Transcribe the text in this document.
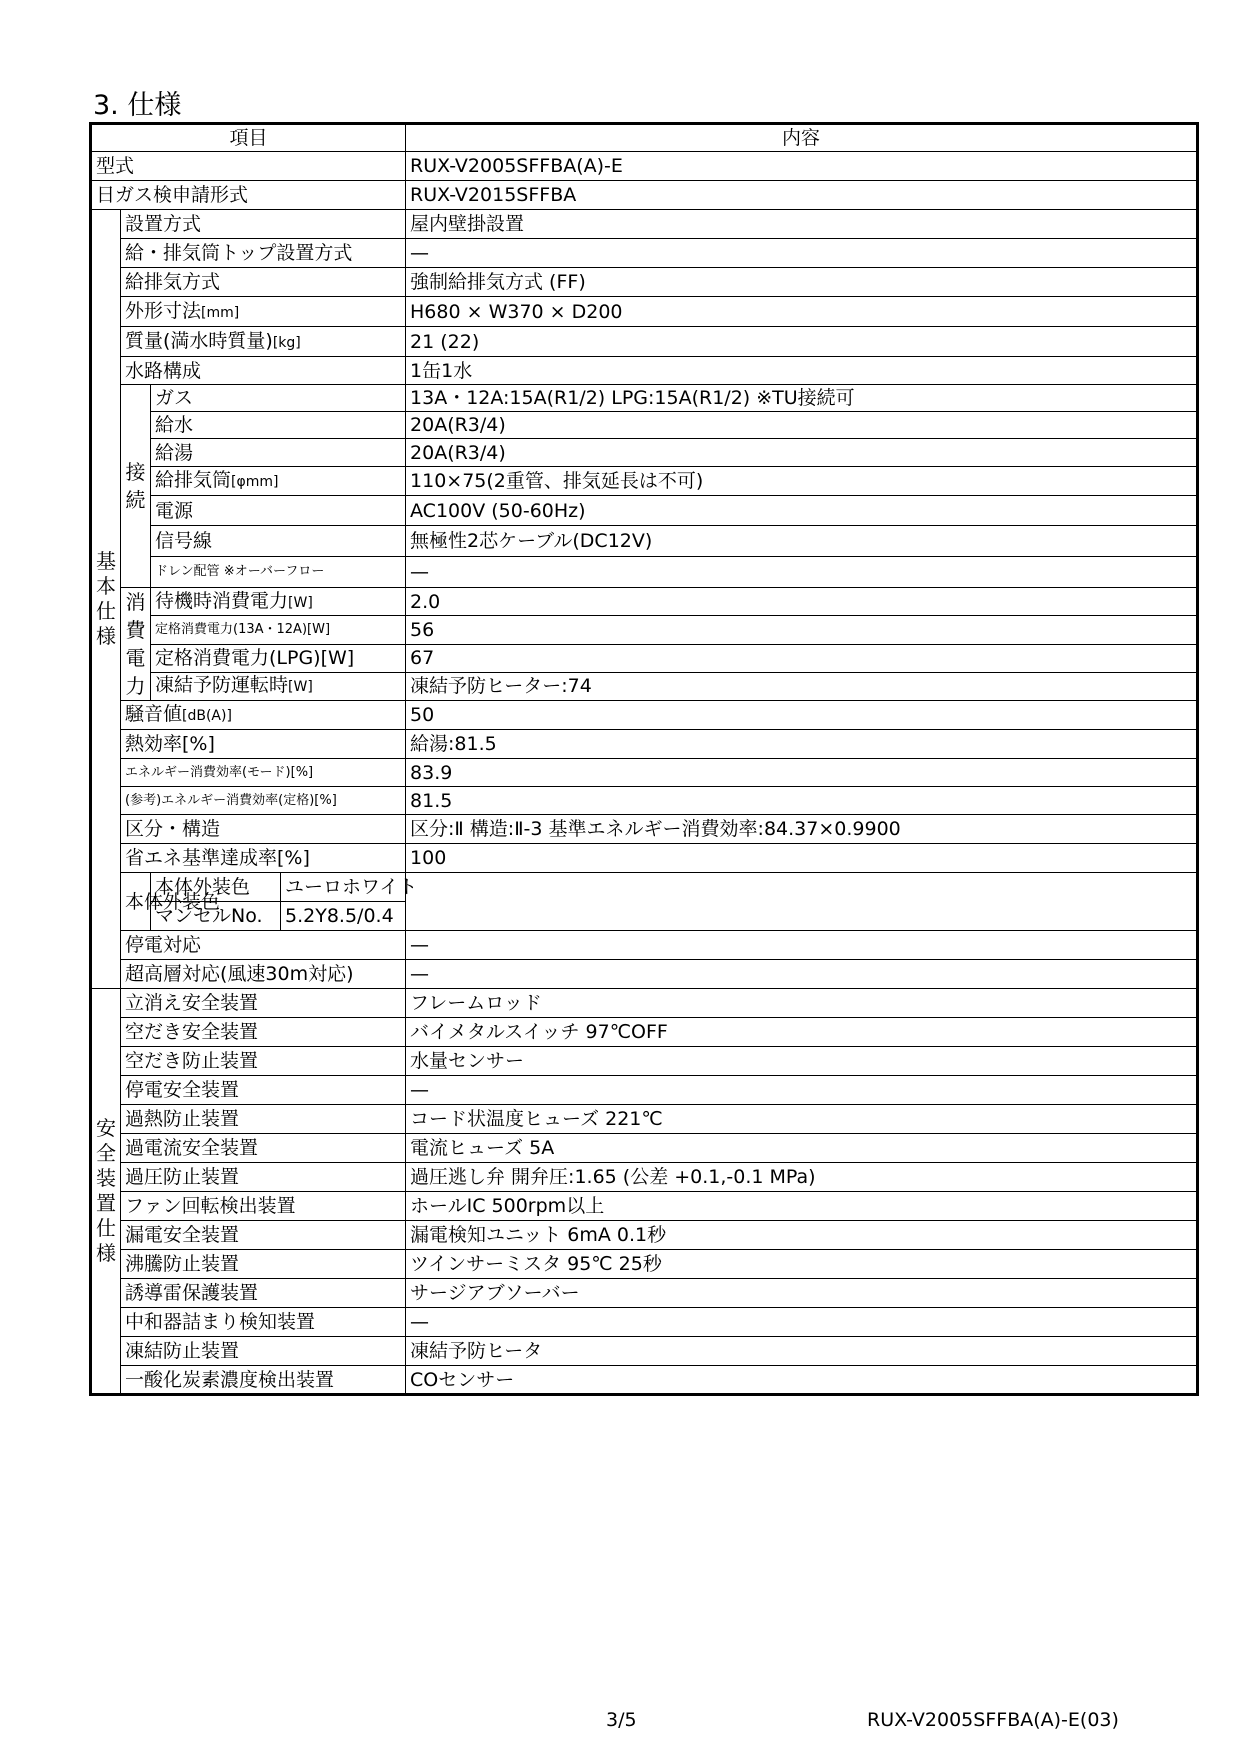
3. 仕様
項目				内容
型式				RUX-V2005SFFBA(A)-E
日ガス検申請形式				RUX-V2015SFFBA
基本仕様	設置方式			屋内壁掛設置
	給・排気筒トップ設置方式			—
	給排気方式			強制給排気方式 (FF)
	外形寸法[mm]			H680 × W370 × D200
	質量(満水時質量)[kg]			21 (22)
	水路構成			1缶1水
	接続	ガス		13A・12A:15A(R1/2) LPG:15A(R1/2) ※TU接続可
		給水		20A(R3/4)
		給湯		20A(R3/4)
		給排気筒[φmm]		110×75(2重管、排気延長は不可)
		電源		AC100V (50-60Hz)
		信号線		無極性2芯ケーブル(DC12V)
		ドレン配管 ※オーバーフロー		—
	消費電力	待機時消費電力[W]		2.0
		定格消費電力(13A・12A)[W]		56
		定格消費電力(LPG)[W]		67
		凍結予防運転時[W]		凍結予防ヒーター:74
	騒音値[dB(A)]			50
	熱効率[%]			給湯:81.5
	エネルギー消費効率(モード)[%]			83.9
	(参考)エネルギー消費効率(定格)[%]			81.5
	区分・構造			区分:Ⅱ 構造:Ⅱ-3 基準エネルギー消費効率:84.37×0.9900
	省エネ基準達成率[%]			100
	本体外装色	本体外装色	ユーロホワイト	
		マンセルNo.	5.2Y8.5/0.4	
	停電対応			—
	超高層対応(風速30m対応)			—
安全装置仕様	立消え安全装置			フレームロッド
	空だき安全装置			バイメタルスイッチ 97℃OFF
	空だき防止装置			水量センサー
	停電安全装置			—
	過熱防止装置			コード状温度ヒューズ 221℃
	過電流安全装置			電流ヒューズ 5A
	過圧防止装置			過圧逃し弁 開弁圧:1.65 (公差 +0.1,-0.1 MPa)
	ファン回転検出装置			ホールIC 500rpm以上
	漏電安全装置			漏電検知ユニット 6mA 0.1秒
	沸騰防止装置			ツインサーミスタ 95℃ 25秒
	誘導雷保護装置			サージアブソーバー
	中和器詰まり検知装置			—
	凍結防止装置			凍結予防ヒータ
	一酸化炭素濃度検出装置			COセンサー
3/5	RUX-V2005SFFBA(A)-E(03)
